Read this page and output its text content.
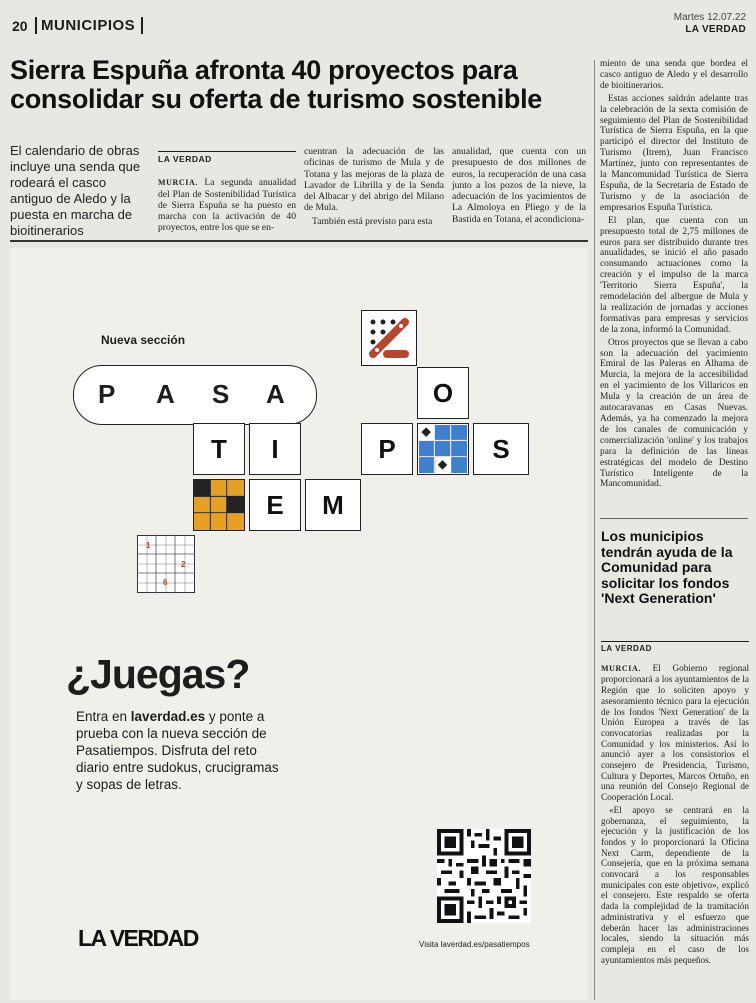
20 MUNICIPIOS	Martes 12.07.22
LA VERDAD
Sierra Espuña afronta 40 proyectos para consolidar su oferta de turismo sostenible

El calendario de obras incluye una senda que rodeará el casco antiguo de Aledo y la puesta en marcha de bioitinerarios

LA VERDAD
MURCIA. La segunda anualidad del Plan de Sostenibilidad Turística de Sierra Espuña se ha puesto en marcha con la activación de 40 proyectos, entre los que se en-

cuentran la adecuación de las oficinas de turismo de Mula y de Totana y las mejoras de la plaza de Lavador de Librilla y de la Senda del Albacar y del abrigo del Milano de Mula.

También está previsto para esta

anualidad, que cuenta con un presupuesto de dos millones de euros, la recuperación de una casa junto a los pozos de la nieve, la adecuación de los yacimientos de La Almoloya en Pliego y de la Bastida en Totana, el acondiciona-

miento de una senda que bordea el casco antiguo de Aledo y el desarrollo de bioitinerarios.

Estas acciones saldrán adelante tras la celebración de la sexta comisión de seguimiento del Plan de Sostenibilidad Turística de Sierra Espuña, en la que participó el director del Instituto de Turismo (Itrem), Juan Francisco Martínez, junto con representantes de la Mancomunidad Turística de Sierra Espuña, de la Secretaría de Estado de Turismo y de la asociación de empresarios Espuña Turística.

El plan, que cuenta con un presupuesto total de 2,75 millones de euros para ser distribuido durante tres anualidades, se inició el año pasado consumando actuaciones como la creación y el impulso de la marca 'Territorio Sierra Espuña', la remodelación del albergue de Mula y la realización de jornadas y acciones formativas para empresas y servicios de la zona, informó la Comunidad.

Otros proyectos que se llevan a cabo son la adecuación del yacimiento Emiral de las Paleras en Alhama de Murcia, la mejora de la accesibilidad en el yacimiento de los Villaricos en Mula y la creación de un área de autocaravanas en Casas Nuevas. Además, ya ha comenzado la mejora de los canales de comunicación y comercialización 'online' y los trabajos para la definición de las líneas estratégicas del modelo de Destino Turístico Inteligente de la Mancomunidad.

Los municipios tendrán ayuda de la Comunidad para solicitar los fondos 'Next Generation'
LA VERDAD
MURCIA. El Gobierno regional proporcionará a los ayuntamientos de la Región que lo soliciten apoyo y asesoramiento técnico para la ejecución de los fondos 'Next Generation' de la Unión Europea a través de las convocatorias realizadas por la Comunidad y los ministerios. Así lo anunció ayer a los consistorios el consejero de Presidencia, Turismo, Cultura y Deportes, Marcos Ortuño, en una reunión del Consejo Regional de Cooperación Local.

«El apoyo se centrará en la gobernanza, el seguimiento, la ejecución y la justificación de los fondos y lo proporcionará la Oficina Next Carm, dependiente de la Consejería, que en la próxima semana convocará a los responsables municipales con este objetivo», explicó el consejero. Este respaldo se oferta dada la complejidad de la tramitación administrativa y el esfuerzo que deberán hacer las administraciones locales, siendo la situación más compleja en el caso de los ayuntamientos más pequeños.

Nueva sección
P A S A	O
T	I	P	S
E	M
1
2
6
¿Juegas?

Entra en laverdad.es y ponte a prueba con la nueva sección de Pasatiempos. Disfruta del reto diario entre sudokus, crucigramas y sopas de letras.

LA VERDAD	Visita laverdad.es/pasatiempos
